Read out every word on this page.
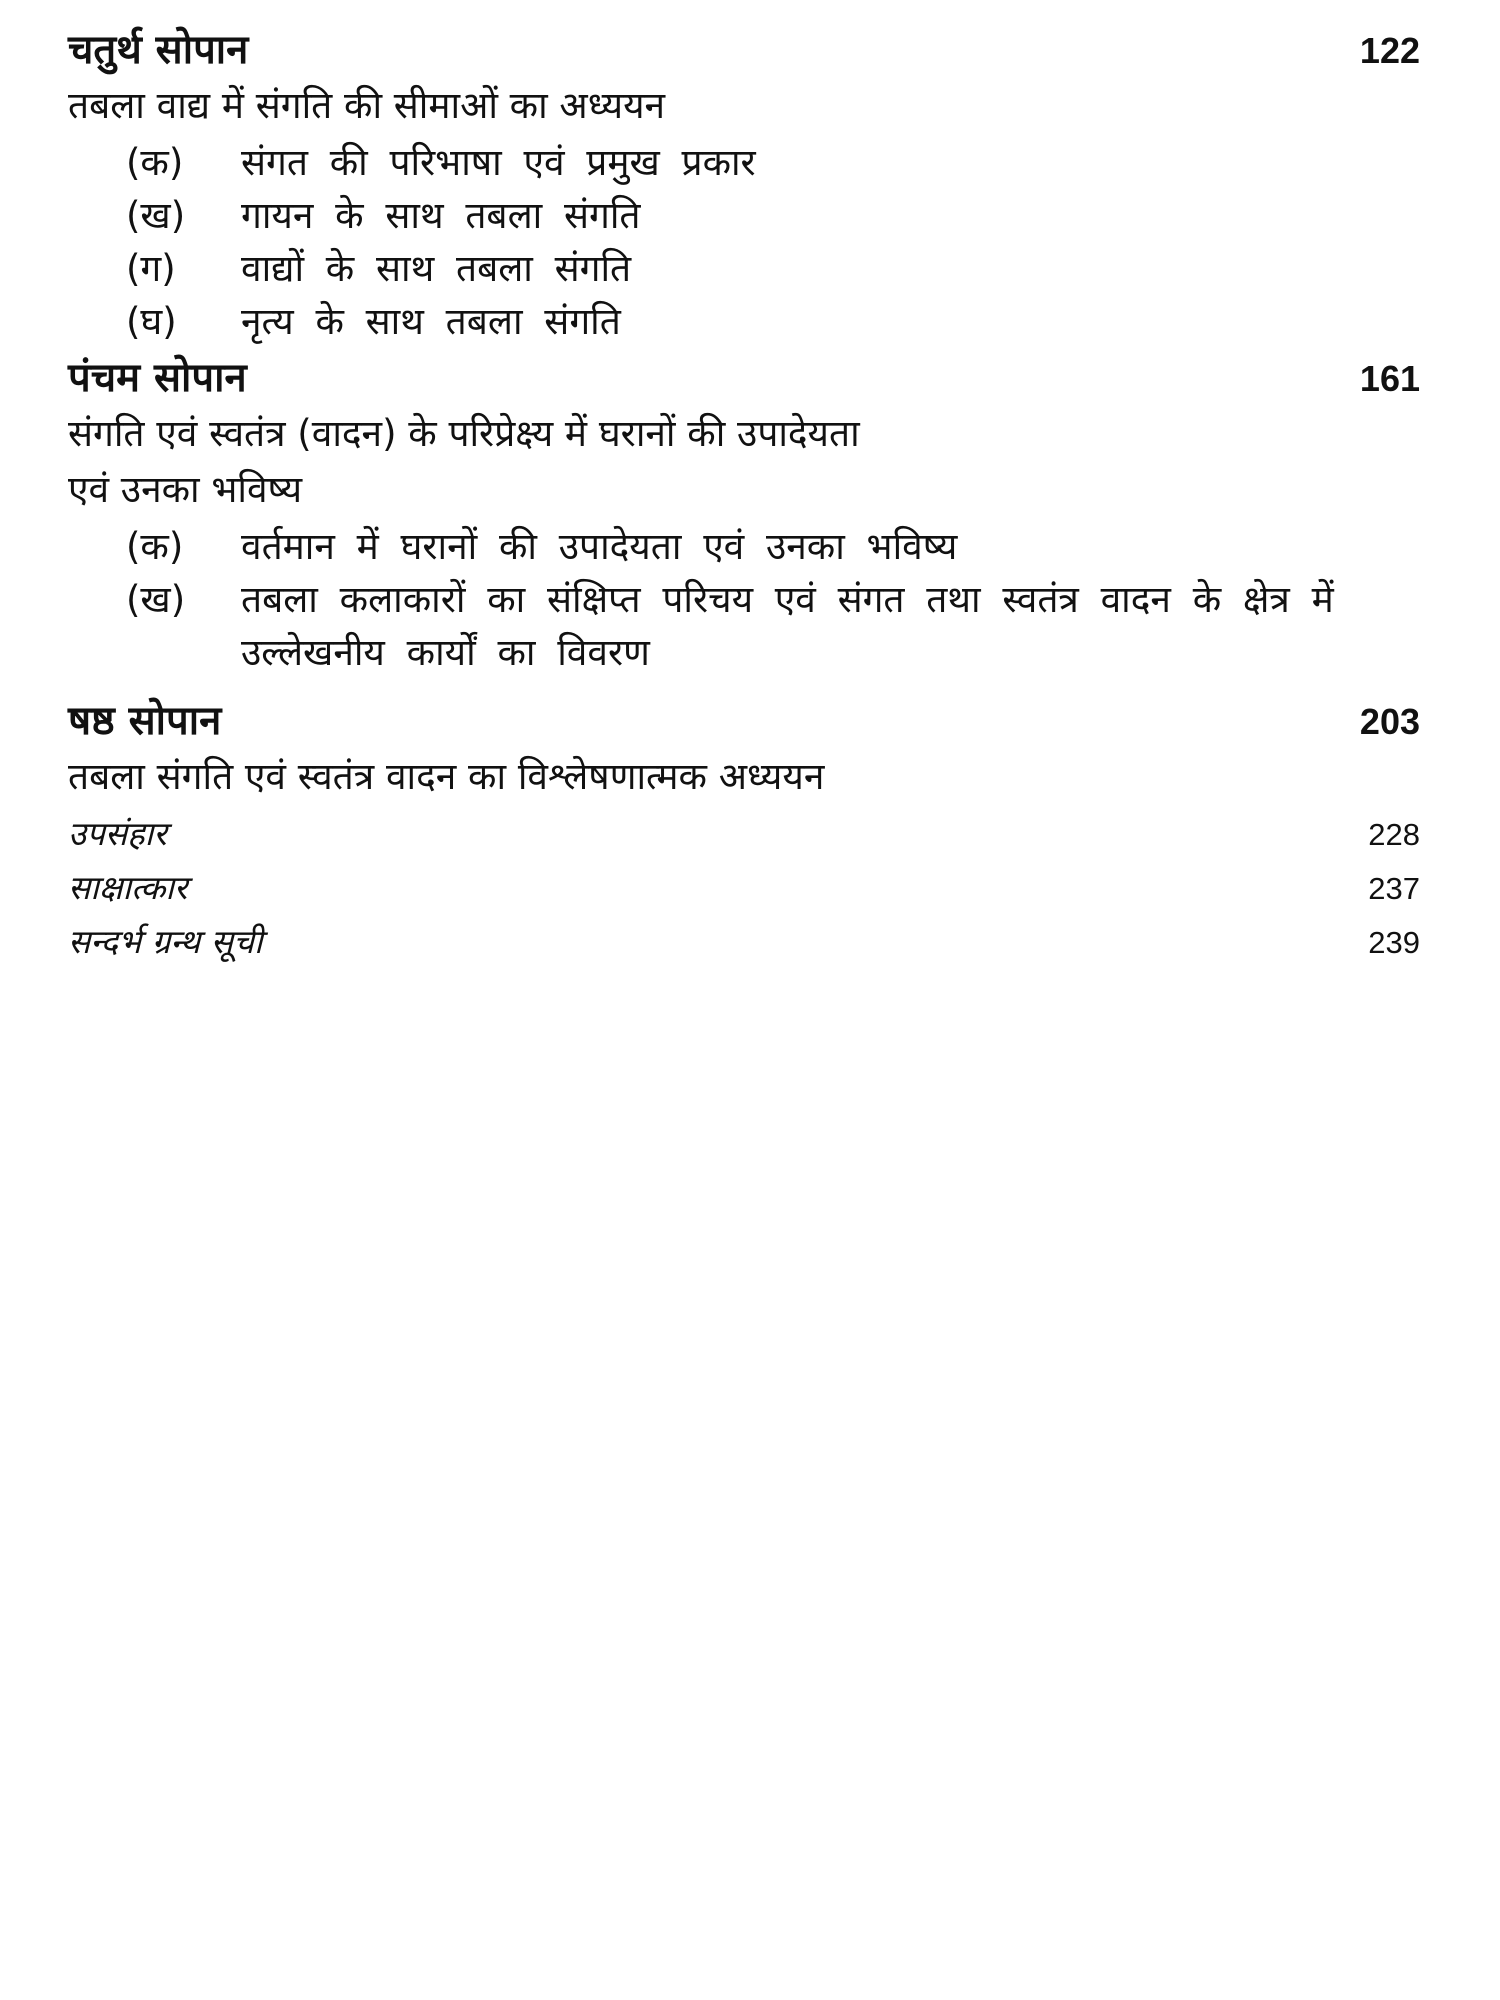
चतुर्थ सोपान	122
तबला वाद्य में संगति की सीमाओं का अध्ययन
(क)	संगत की परिभाषा एवं प्रमुख प्रकार
(ख)	गायन के साथ तबला संगति
(ग)	वाद्यों के साथ तबला संगति
(घ)	नृत्य के साथ तबला संगति
पंचम सोपान	161
संगति एवं स्वतंत्र (वादन) के परिप्रेक्ष्य में घरानों की उपादेयता
एवं उनका भविष्य
(क)	वर्तमान में घरानों की उपादेयता एवं उनका भविष्य
(ख)	तबला कलाकारों का संक्षिप्त परिचय एवं संगत तथा स्वतंत्र वादन के क्षेत्र में उल्लेखनीय कार्यों का विवरण
षष्ठ सोपान	203
तबला संगति एवं स्वतंत्र वादन का विश्लेषणात्मक अध्ययन
उपसंहार	228
साक्षात्कार	237
सन्दर्भ ग्रन्थ सूची	239
